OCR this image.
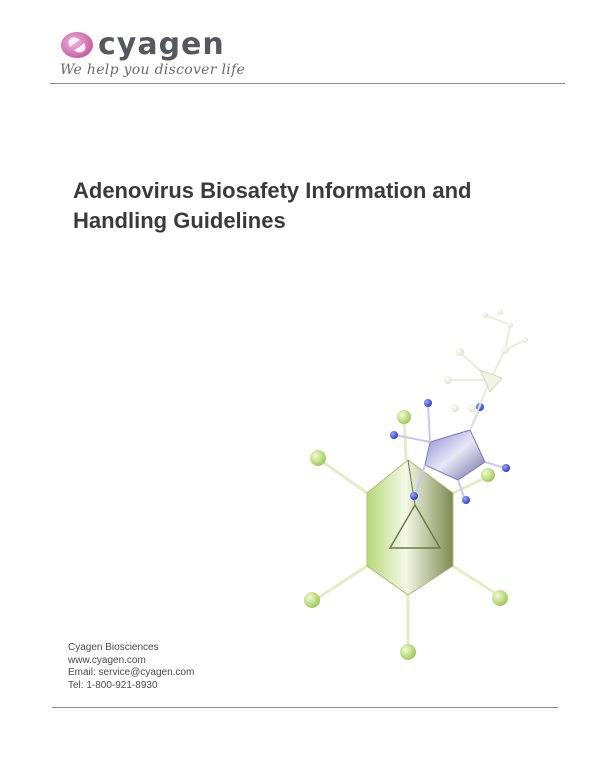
cyagen
We help you discover life
Adenovirus Biosafety Information and Handling Guidelines
Cyagen Biosciences
www.cyagen.com
Email: service@cyagen.com
Tel: 1-800-921-8930
